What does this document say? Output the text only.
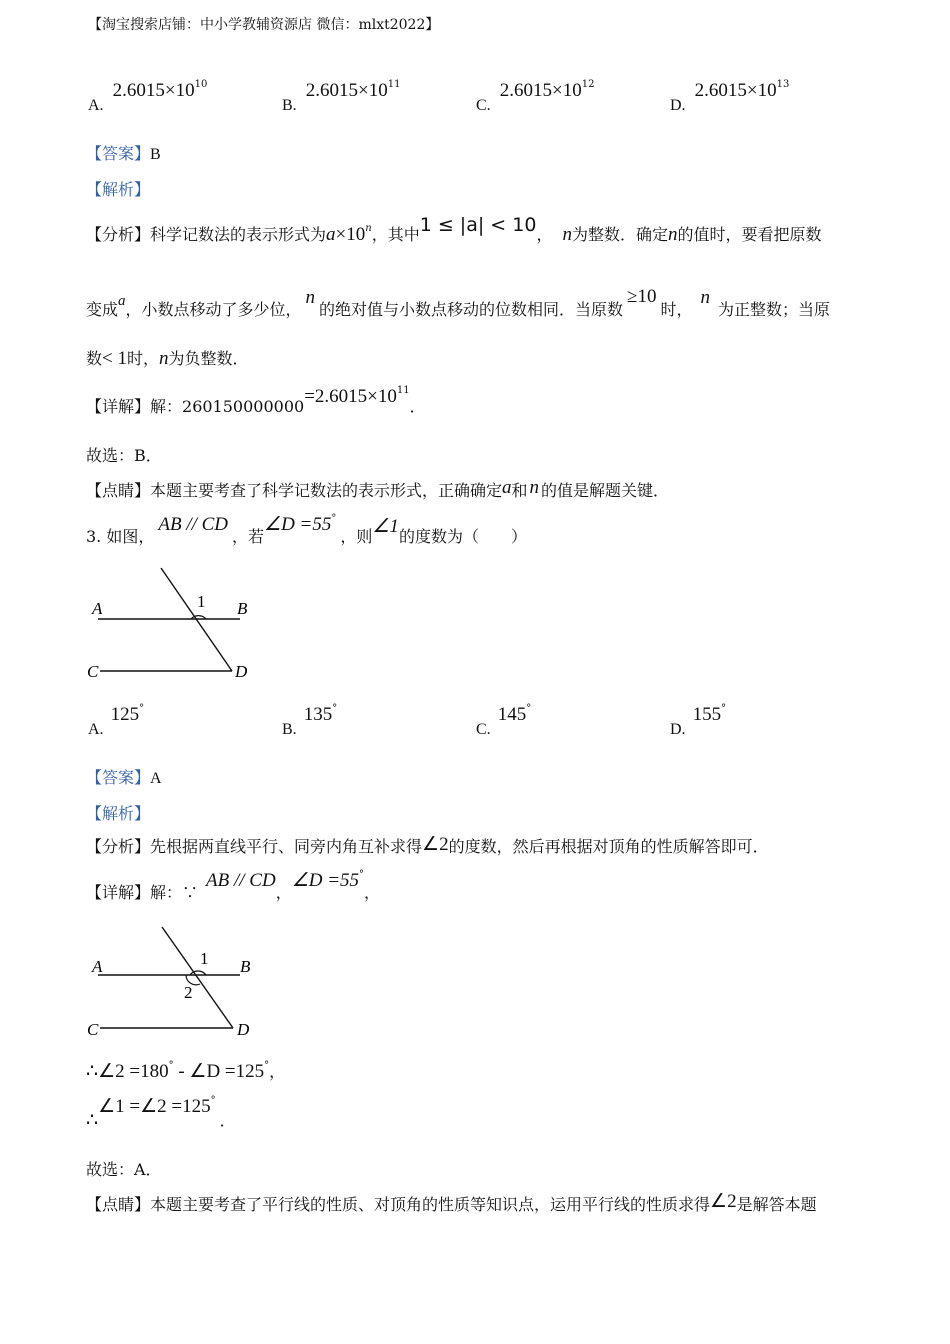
【淘宝搜索店铺：中小学教辅资源店 微信：mlxt2022】
A. $2.6015\times 10^{10}$
B. $2.6015\times 10^{11}$
C. $2.6015\times 10^{12}$
D. $2.6015\times 10^{13}$
【答案】B
【解析】
【分析】科学记数法的表示形式为$a\times 10^n$，其中1 ≤ |a| < 10， n为整数．确定n的值时，要看把原数
变成a，小数点移动了多少位，n的绝对值与小数点移动的位数相同．当原数≥10时，n为正整数；当原
数< 1时，n为负整数．
【详解】解：$260150000000=2.6015\times 10^{11}$．
故选：B．
【点睛】本题主要考查了科学记数法的表示形式，正确确定a和 n 的值是解题关键．
3. 如图，AB // CD，若∠D =55°，则∠1的度数为（　　）
A	B
C	D
1
A. 125°
B. 135°
C. 145°
D. 155°
【答案】A
【解析】
【分析】先根据两直线平行、同旁内角互补求得∠2的度数，然后再根据对顶角的性质解答即可．
【详解】解：∵AB // CD，∠D =55°，
A	B
C	D
1
2
∴∠2 =180° - ∠D =125°，
∴∠1 =∠2 =125°．
故选：A．
【点睛】本题主要考查了平行线的性质、对顶角的性质等知识点，运用平行线的性质求得∠2是解答本题
